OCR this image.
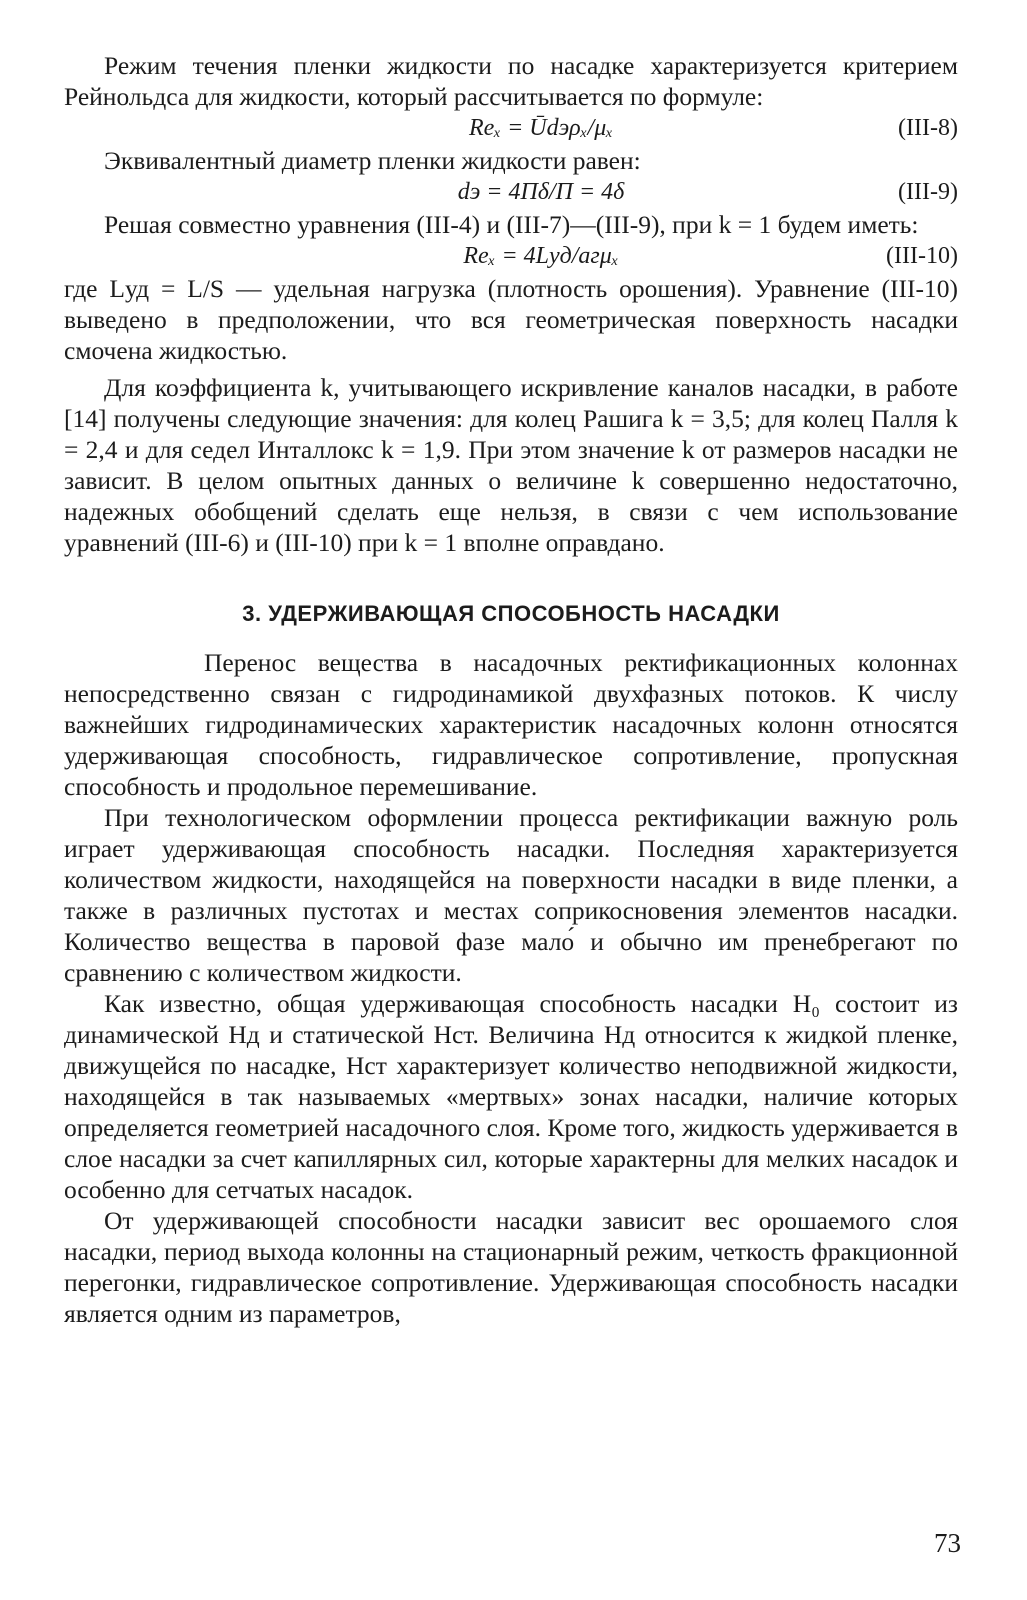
Режим течения пленки жидкости по насадке характеризуется критерием Рейнольдса для жидкости, который рассчитывается по формуле:

Reₓ = Ūdэρₓ/μₓ	(III-8)

Эквивалентный диаметр пленки жидкости равен:

dэ = 4Πδ/Π = 4δ	(III-9)

Решая совместно уравнения (III-4) и (III-7)—(III-9), при k = 1 будем иметь:

Reₓ = 4Lуд/aгμₓ	(III-10)

где Lуд = L/S — удельная нагрузка (плотность орошения). Уравнение (III-10) выведено в предположении, что вся геометрическая поверхность насадки смочена жидкостью.

Для коэффициента k, учитывающего искривление каналов насадки, в работе [14] получены следующие значения: для колец Рашига k = 3,5; для колец Палля k = 2,4 и для седел Инталлокс k = 1,9. При этом значение k от размеров насадки не зависит. В целом опытных данных о величине k совершенно недостаточно, надежных обобщений сделать еще нельзя, в связи с чем использование уравнений (III-6) и (III-10) при k = 1 вполне оправдано.

3. УДЕРЖИВАЮЩАЯ СПОСОБНОСТЬ НАСАДКИ

Перенос вещества в насадочных ректификационных колоннах непосредственно связан с гидродинамикой двухфазных потоков. К числу важнейших гидродинамических характеристик насадочных колонн относятся удерживающая способность, гидравлическое сопротивление, пропускная способность и продольное перемешивание.

При технологическом оформлении процесса ректификации важную роль играет удерживающая способность насадки. Последняя характеризуется количеством жидкости, находящейся на поверхности насадки в виде пленки, а также в различных пустотах и местах соприкосновения элементов насадки. Количество вещества в паровой фазе мало́ и обычно им пренебрегают по сравнению с количеством жидкости.

Как известно, общая удерживающая способность насадки H₀ состоит из динамической Hд и статической Hст. Величина Hд относится к жидкой пленке, движущейся по насадке, Hст характеризует количество неподвижной жидкости, находящейся в так называемых «мертвых» зонах насадки, наличие которых определяется геометрией насадочного слоя. Кроме того, жидкость удерживается в слое насадки за счет капиллярных сил, которые характерны для мелких насадок и особенно для сетчатых насадок.

От удерживающей способности насадки зависит вес орошаемого слоя насадки, период выхода колонны на стационарный режим, четкость фракционной перегонки, гидравлическое сопротивление. Удерживающая способность насадки является одним из параметров,

73
